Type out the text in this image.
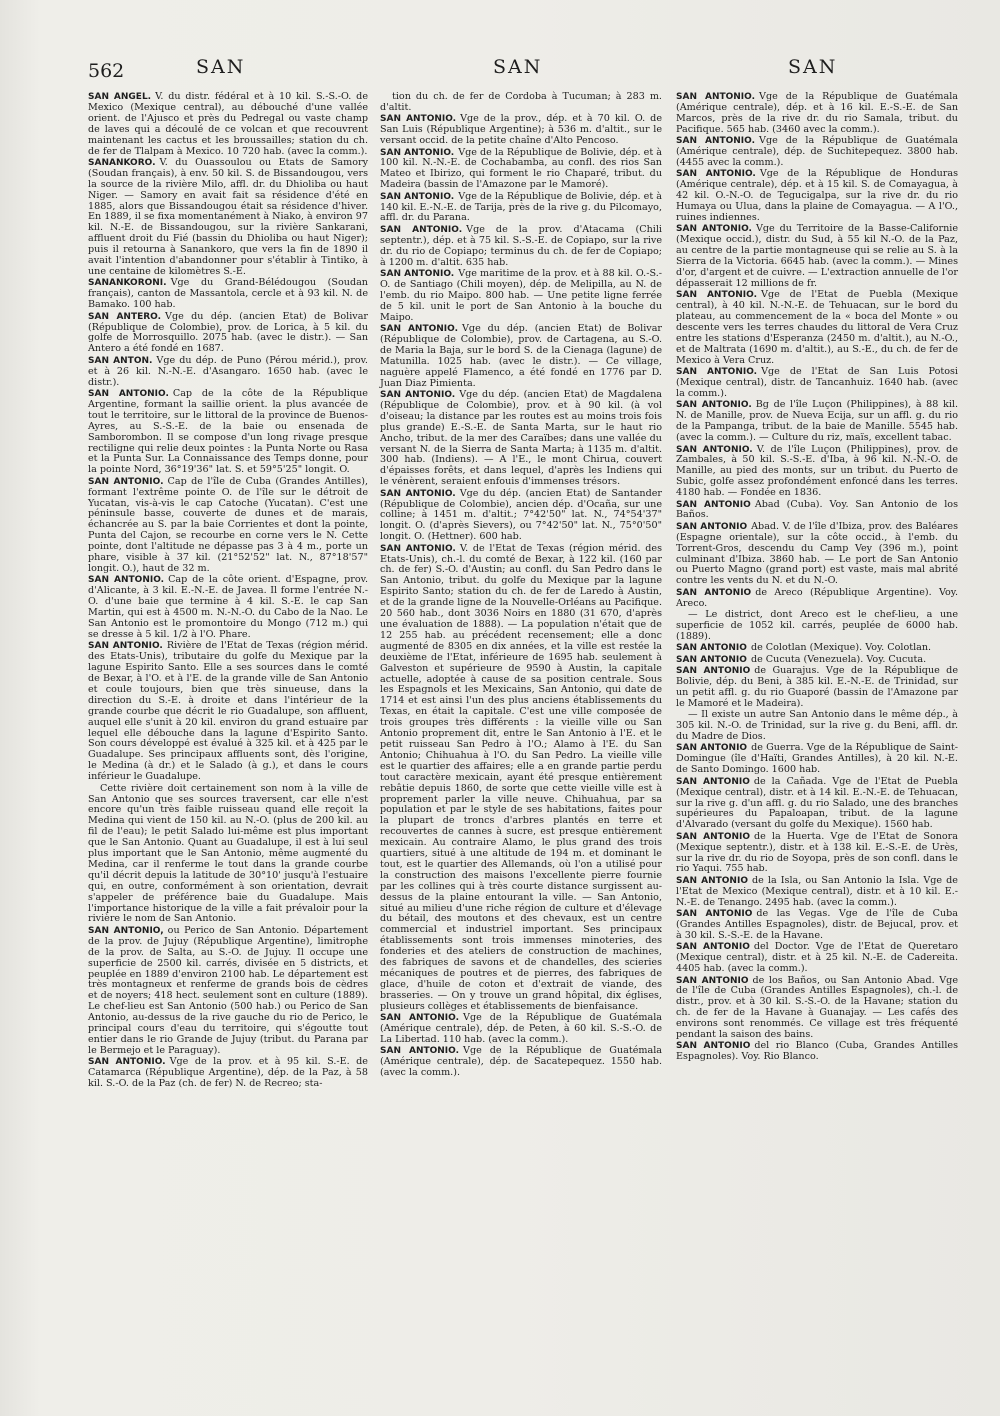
562	SAN	SAN	SAN

SAN ANGEL. V. du distr. fédéral et à 10 kil. S.-S.-O. de Mexico (Mexique central), au débouché d'une vallée orient. de l'Ajusco et près du Pedregal ou vaste champ de laves qui a découlé de ce volcan et que recouvrent maintenant les cactus et les broussailles; station du ch. de fer de Tlalpam à Mexico. 10 720 hab. (avec la comm.).

SANANKORO. V. du Ouassoulou ou Etats de Samory (Soudan français), à env. 50 kil. S. de Bissandougou, vers la source de la rivière Milo, affl. dr. du Dhioliba ou haut Niger. — Samory en avait fait sa résidence d'été en 1885, alors que Bissandougou était sa résidence d'hiver. En 1889, il se fixa momentanément à Niako, à environ 97 kil. N.-E. de Bissandougou, sur la rivière Sankarani, affluent droit du Fié (bassin du Dhioliba ou haut Niger); puis il retourna à Sanankoro, que vers la fin de 1890 il avait l'intention d'abandonner pour s'établir à Tintiko, à une centaine de kilomètres S.-E.

SANANKORONI. Vge du Grand-Bélédougou (Soudan français), canton de Massantola, cercle et à 93 kil. N. de Bamako. 100 hab.

SAN ANTERO. Vge du dép. (ancien Etat) de Bolivar (République de Colombie), prov. de Lorica, à 5 kil. du golfe de Morrosquillo. 2075 hab. (avec le distr.). — San Antero a été fondé en 1687.

SAN ANTON. Vge du dép. de Puno (Pérou mérid.), prov. et à 26 kil. N.-N.-E. d'Asangaro. 1650 hab. (avec le distr.).

SAN ANTONIO. Cap de la côte de la République Argentine, formant la saillie orient. la plus avancée de tout le territoire, sur le littoral de la province de Buenos-Ayres, au S.-S.-E. de la baie ou ensenada de Samborombon. Il se compose d'un long rivage presque rectiligne qui relie deux pointes : la Punta Norte ou Rasa et la Punta Sur. La Connaissance des Temps donne, pour la pointe Nord, 36°19'36" lat. S. et 59°5'25" longit. O.

SAN ANTONIO. Cap de l'île de Cuba (Grandes Antilles), formant l'extrême pointe O. de l'île sur le détroit de Yucatan, vis-à-vis le cap Catoche (Yucatan). C'est une péninsule basse, couverte de dunes et de marais, échancrée au S. par la baie Corrientes et dont la pointe, Punta del Cajon, se recourbe en corne vers le N. Cette pointe, dont l'altitude ne dépasse pas 3 à 4 m., porte un phare, visible à 37 kil. (21°52'52" lat. N., 87°18'57" longit. O.), haut de 32 m.

SAN ANTONIO. Cap de la côte orient. d'Espagne, prov. d'Alicante, à 3 kil. E.-N.-E. de Javea. Il forme l'entrée N.-O. d'une baie que termine à 4 kil. S.-E. le cap San Martin, qui est à 4500 m. N.-N.-O. du Cabo de la Nao. Le San Antonio est le promontoire du Mongo (712 m.) qui se dresse à 5 kil. 1/2 à l'O. Phare.

SAN ANTONIO. Rivière de l'Etat de Texas (région mérid. des Etats-Unis), tributaire du golfe du Mexique par la lagune Espirito Santo. Elle a ses sources dans le comté de Bexar, à l'O. et à l'E. de la grande ville de San Antonio et coule toujours, bien que très sinueuse, dans la direction du S.-E. à droite et dans l'intérieur de la grande courbe que décrit le rio Guadalupe, son affluent, auquel elle s'unit à 20 kil. environ du grand estuaire par lequel elle débouche dans la lagune d'Espirito Santo. Son cours développé est évalué à 325 kil. et à 425 par le Guadalupe. Ses principaux affluents sont, dès l'origine, le Medina (à dr.) et le Salado (à g.), et dans le cours inférieur le Guadalupe.

Cette rivière doit certainement son nom à la ville de San Antonio que ses sources traversent, car elle n'est encore qu'un très faible ruisseau quand elle reçoit la Medina qui vient de 150 kil. au N.-O. (plus de 200 kil. au fil de l'eau); le petit Salado lui-même est plus important que le San Antonio. Quant au Guadalupe, il est à lui seul plus important que le San Antonio, même augmenté du Medina, car il renferme le tout dans la grande courbe qu'il décrit depuis la latitude de 30°10' jusqu'à l'estuaire qui, en outre, conformément à son orientation, devrait s'appeler de préférence baie du Guadalupe. Mais l'importance historique de la ville a fait prévaloir pour la rivière le nom de San Antonio.

SAN ANTONIO, ou Perico de San Antonio. Département de la prov. de Jujuy (République Argentine), limitrophe de la prov. de Salta, au S.-O. de Jujuy. Il occupe une superficie de 2500 kil. carrés, divisée en 5 districts, et peuplée en 1889 d'environ 2100 hab. Le département est très montagneux et renferme de grands bois de cèdres et de noyers; 418 hect. seulement sont en culture (1889). Le chef-lieu est San Antonio (500 hab.) ou Perico de San Antonio, au-dessus de la rive gauche du rio de Perico, le principal cours d'eau du territoire, qui s'égoutte tout entier dans le rio Grande de Jujuy (tribut. du Parana par le Bermejo et le Paraguay).

SAN ANTONIO. Vge de la prov. et à 95 kil. S.-E. de Catamarca (République Argentine), dép. de la Paz, à 58 kil. S.-O. de la Paz (ch. de fer) N. de Recreo; sta-

tion du ch. de fer de Cordoba à Tucuman; à 283 m. d'altit.

SAN ANTONIO. Vge de la prov., dép. et à 70 kil. O. de San Luis (République Argentine); à 536 m. d'altit., sur le versant occid. de la petite chaîne d'Alto Pencoso.

SAN ANTONIO. Vge de la République de Bolivie, dép. et à 100 kil. N.-N.-E. de Cochabamba, au confl. des rios San Mateo et Ibirizo, qui forment le rio Chaparé, tribut. du Madeira (bassin de l'Amazone par le Mamoré).

SAN ANTONIO. Vge de la République de Bolivie, dép. et à 140 kil. E.-N.-E. de Tarija, près de la rive g. du Pilcomayo, affl. dr. du Parana.

SAN ANTONIO. Vge de la prov. d'Atacama (Chili septentr.), dép. et à 75 kil. S.-S.-E. de Copiapo, sur la rive dr. du rio de Copiapo; terminus du ch. de fer de Copiapo; à 1200 m. d'altit. 635 hab.

SAN ANTONIO. Vge maritime de la prov. et à 88 kil. O.-S.-O. de Santiago (Chili moyen), dép. de Melipilla, au N. de l'emb. du rio Maipo. 800 hab. — Une petite ligne ferrée de 5 kil. unit le port de San Antonio à la bouche du Maipo.

SAN ANTONIO. Vge du dép. (ancien Etat) de Bolivar (République de Colombie), prov. de Cartagena, au S.-O. de Maria la Baja, sur le bord S. de la Cienaga (lagune) de Matunilla. 1025 hab. (avec le distr.). — Ce village, naguère appelé Flamenco, a été fondé en 1776 par D. Juan Diaz Pimienta.

SAN ANTONIO. Vge du dép. (ancien Etat) de Magdalena (République de Colombie), prov. et à 90 kil. (à vol d'oiseau; la distance par les routes est au moins trois fois plus grande) E.-S.-E. de Santa Marta, sur le haut rio Ancho, tribut. de la mer des Caraïbes; dans une vallée du versant N. de la Sierra de Santa Marta; à 1135 m. d'altit. 300 hab. (Indiens). — A l'E., le mont Chirua, couvert d'épaisses forêts, et dans lequel, d'après les Indiens qui le vénèrent, seraient enfouis d'immenses trésors.

SAN ANTONIO. Vge du dép. (ancien Etat) de Santander (République de Colombie), ancien dép. d'Ocaña, sur une colline; à 1451 m. d'altit.; 7°42'50" lat. N., 74°54'37" longit. O. (d'après Sievers), ou 7°42'50" lat. N., 75°0'50" longit. O. (Hettner). 600 hab.

SAN ANTONIO. V. de l'Etat de Texas (région mérid. des Etats-Unis), ch.-l. du comté de Bexar, à 122 kil. (160 par ch. de fer) S.-O. d'Austin; au confl. du San Pedro dans le San Antonio, tribut. du golfe du Mexique par la lagune Espirito Santo; station du ch. de fer de Laredo à Austin, et de la grande ligne de la Nouvelle-Orléans au Pacifique. 20 560 hab., dont 3036 Noirs en 1880 (31 670, d'après une évaluation de 1888). — La population n'était que de 12 255 hab. au précédent recensement; elle a donc augmenté de 8305 en dix années, et la ville est restée la deuxième de l'Etat, inférieure de 1695 hab. seulement à Galveston et supérieure de 9590 à Austin, la capitale actuelle, adoptée à cause de sa position centrale. Sous les Espagnols et les Mexicains, San Antonio, qui date de 1714 et est ainsi l'un des plus anciens établissements du Texas, en était la capitale. C'est une ville composée de trois groupes très différents : la vieille ville ou San Antonio proprement dit, entre le San Antonio à l'E. et le petit ruisseau San Pedro à l'O.; Alamo à l'E. du San Antonio; Chihuahua à l'O. du San Pedro. La vieille ville est le quartier des affaires; elle a en grande partie perdu tout caractère mexicain, ayant été presque entièrement rebâtie depuis 1860, de sorte que cette vieille ville est à proprement parler la ville neuve. Chihuahua, par sa population et par le style de ses habitations, faites pour la plupart de troncs d'arbres plantés en terre et recouvertes de cannes à sucre, est presque entièrement mexicain. Au contraire Alamo, le plus grand des trois quartiers, situé à une altitude de 194 m. et dominant le tout, est le quartier des Allemands, où l'on a utilisé pour la construction des maisons l'excellente pierre fournie par les collines qui à très courte distance surgissent au-dessus de la plaine entourant la ville. — San Antonio, situé au milieu d'une riche région de culture et d'élevage du bétail, des moutons et des chevaux, est un centre commercial et industriel important. Ses principaux établissements sont trois immenses minoteries, des fonderies et des ateliers de construction de machines, des fabriques de savons et de chandelles, des scieries mécaniques de poutres et de pierres, des fabriques de glace, d'huile de coton et d'extrait de viande, des brasseries. — On y trouve un grand hôpital, dix églises, plusieurs collèges et établissements de bienfaisance.

SAN ANTONIO. Vge de la République de Guatémala (Amérique centrale), dép. de Peten, à 60 kil. S.-S.-O. de La Libertad. 110 hab. (avec la comm.).

SAN ANTONIO. Vge de la République de Guatémala (Amérique centrale), dép. de Sacatepequez. 1550 hab. (avec la comm.).

SAN ANTONIO. Vge de la République de Guatémala (Amérique centrale), dép. et à 16 kil. E.-S.-E. de San Marcos, près de la rive dr. du rio Samala, tribut. du Pacifique. 565 hab. (3460 avec la comm.).

SAN ANTONIO. Vge de la République de Guatémala (Amérique centrale), dép. de Suchitepequez. 3800 hab. (4455 avec la comm.).

SAN ANTONIO. Vge de la République de Honduras (Amérique centrale), dép. et à 15 kil. S. de Comayagua, à 42 kil. O.-N.-O. de Tegucigalpa, sur la rive dr. du rio Humaya ou Ulua, dans la plaine de Comayagua. — A l'O., ruines indiennes.

SAN ANTONIO. Vge du Territoire de la Basse-Californie (Mexique occid.), distr. du Sud, à 55 kil N.-O. de la Paz, au centre de la partie montagneuse qui se relie au S. à la Sierra de la Victoria. 6645 hab. (avec la comm.). — Mines d'or, d'argent et de cuivre. — L'extraction annuelle de l'or dépasserait 12 millions de fr.

SAN ANTONIO. Vge de l'Etat de Puebla (Mexique central), à 40 kil. N.-N.-E. de Tehuacan, sur le bord du plateau, au commencement de la « boca del Monte » ou descente vers les terres chaudes du littoral de Vera Cruz entre les stations d'Esperanza (2450 m. d'altit.), au N.-O., et de Maltrata (1690 m. d'altit.), au S.-E., du ch. de fer de Mexico à Vera Cruz.

SAN ANTONIO. Vge de l'Etat de San Luis Potosi (Mexique central), distr. de Tancanhuiz. 1640 hab. (avec la comm.).

SAN ANTONIO. Bg de l'île Luçon (Philippines), à 88 kil. N. de Manille, prov. de Nueva Ecija, sur un affl. g. du rio de la Pampanga, tribut. de la baie de Manille. 5545 hab. (avec la comm.). — Culture du riz, maïs, excellent tabac.

SAN ANTONIO. V. de l'île Luçon (Philippines), prov. de Zambales, à 50 kil. S.-S.-E. d'Iba, à 96 kil. N.-N.-O. de Manille, au pied des monts, sur un tribut. du Puerto de Subic, golfe assez profondément enfoncé dans les terres. 4180 hab. — Fondée en 1836.

SAN ANTONIO Abad (Cuba). Voy. San Antonio de los Baños.

SAN ANTONIO Abad. V. de l'île d'Ibiza, prov. des Baléares (Espagne orientale), sur la côte occid., à l'emb. du Torrent-Gros, descendu du Camp Vey (396 m.), point culminant d'Ibiza. 3860 hab. — Le port de San Antonio ou Puerto Magno (grand port) est vaste, mais mal abrité contre les vents du N. et du N.-O.

SAN ANTONIO de Areco (République Argentine). Voy. Areco.

— Le district, dont Areco est le chef-lieu, a une superficie de 1052 kil. carrés, peuplée de 6000 hab. (1889).

SAN ANTONIO de Colotlan (Mexique). Voy. Colotlan.

SAN ANTONIO de Cucuta (Venezuela). Voy. Cucuta.

SAN ANTONIO de Guarajus. Vge de la République de Bolivie, dép. du Beni, à 385 kil. E.-N.-E. de Trinidad, sur un petit affl. g. du rio Guaporé (bassin de l'Amazone par le Mamoré et le Madeira).

— Il existe un autre San Antonio dans le même dép., à 305 kil. N.-O. de Trinidad, sur la rive g. du Beni, affl. dr. du Madre de Dios.

SAN ANTONIO de Guerra. Vge de la République de Saint-Domingue (île d'Haïti, Grandes Antilles), à 20 kil. N.-E. de Santo Domingo. 1600 hab.

SAN ANTONIO de la Cañada. Vge de l'Etat de Puebla (Mexique central), distr. et à 14 kil. E.-N.-E. de Tehuacan, sur la rive g. d'un affl. g. du rio Salado, une des branches supérieures du Papaloapan, tribut. de la lagune d'Alvarado (versant du golfe du Mexique). 1560 hab.

SAN ANTONIO de la Huerta. Vge de l'Etat de Sonora (Mexique septentr.), distr. et à 138 kil. E.-S.-E. de Urès, sur la rive dr. du rio de Soyopa, près de son confl. dans le rio Yaqui. 755 hab.

SAN ANTONIO de la Isla, ou San Antonio la Isla. Vge de l'Etat de Mexico (Mexique central), distr. et à 10 kil. E.-N.-E. de Tenango. 2495 hab. (avec la comm.).

SAN ANTONIO de las Vegas. Vge de l'île de Cuba (Grandes Antilles Espagnoles), distr. de Bejucal, prov. et à 30 kil. S.-S.-E. de la Havane.

SAN ANTONIO del Doctor. Vge de l'Etat de Queretaro (Mexique central), distr. et à 25 kil. N.-E. de Cadereita. 4405 hab. (avec la comm.).

SAN ANTONIO de los Baños, ou San Antonio Abad. Vge de l'île de Cuba (Grandes Antilles Espagnoles), ch.-l. de distr., prov. et à 30 kil. S.-S.-O. de la Havane; station du ch. de fer de la Havane à Guanajay. — Les cafés des environs sont renommés. Ce village est très fréquenté pendant la saison des bains.

SAN ANTONIO del rio Blanco (Cuba, Grandes Antilles Espagnoles). Voy. Rio Blanco.
